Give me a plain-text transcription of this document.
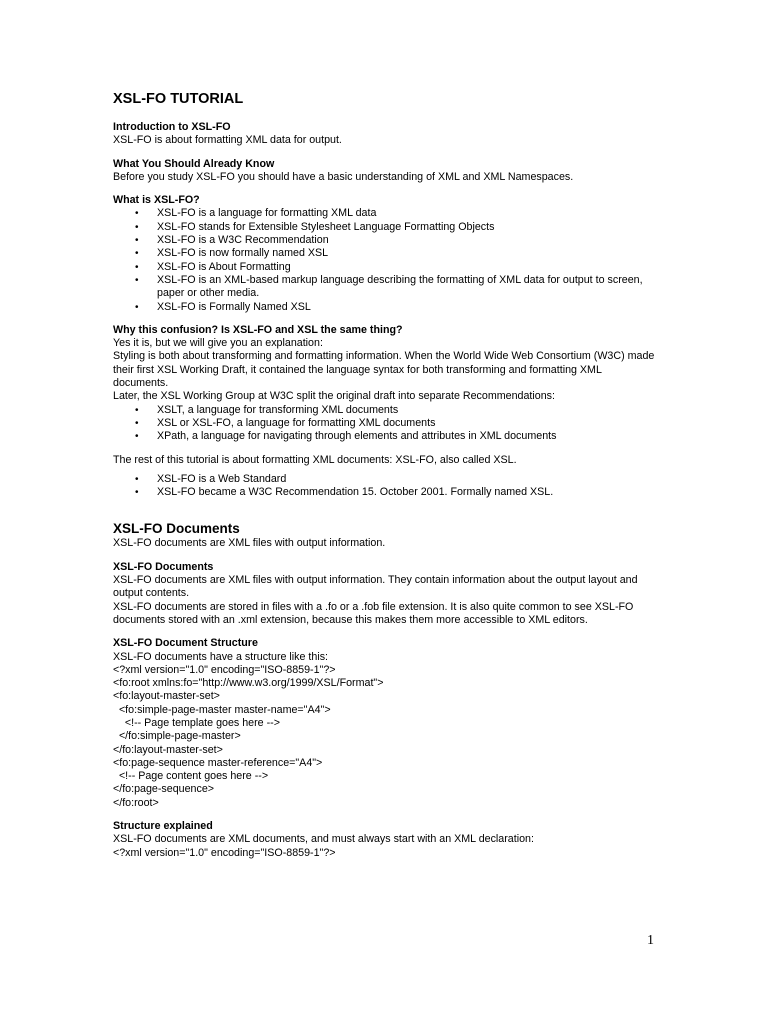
XSL-FO TUTORIAL
Introduction to XSL-FO

XSL-FO is about formatting XML data for output.

What You Should Already Know

Before you study XSL-FO you should have a basic understanding of XML and XML Namespaces.

What is XSL-FO?
• XSL-FO is a language for formatting XML data
• XSL-FO stands for Extensible Stylesheet Language Formatting Objects
• XSL-FO is a W3C Recommendation
• XSL-FO is now formally named XSL
• XSL-FO is About Formatting
• XSL-FO is an XML-based markup language describing the formatting of XML data for output to screen, paper or other media.
• XSL-FO is Formally Named XSL
Why this confusion? Is XSL-FO and XSL the same thing?

Yes it is, but we will give you an explanation:

Styling is both about transforming and formatting information. When the World Wide Web Consortium (W3C) made their first XSL Working Draft, it contained the language syntax for both transforming and formatting XML documents.

Later, the XSL Working Group at W3C split the original draft into separate Recommendations:

• XSLT, a language for transforming XML documents
• XSL or XSL-FO, a language for formatting XML documents
• XPath, a language for navigating through elements and attributes in XML documents

The rest of this tutorial is about formatting XML documents: XSL-FO, also called XSL.

• XSL-FO is a Web Standard
• XSL-FO became a W3C Recommendation 15. October 2001. Formally named XSL.
XSL-FO Documents

XSL-FO documents are XML files with output information.

XSL-FO Documents

XSL-FO documents are XML files with output information. They contain information about the output layout and output contents.

XSL-FO documents are stored in files with a .fo or a .fob file extension. It is also quite common to see XSL-FO documents stored with an .xml extension, because this makes them more accessible to XML editors.

XSL-FO Document Structure

XSL-FO documents have a structure like this:

<?xml version="1.0" encoding="ISO-8859-1"?>

<fo:root xmlns:fo="http://www.w3.org/1999/XSL/Format">

<fo:layout-master-set>

<fo:simple-page-master master-name="A4">

<!-- Page template goes here -->

</fo:simple-page-master>

</fo:layout-master-set>

<fo:page-sequence master-reference="A4">

<!-- Page content goes here -->

</fo:page-sequence>

</fo:root>

Structure explained

XSL-FO documents are XML documents, and must always start with an XML declaration:

<?xml version="1.0" encoding="ISO-8859-1"?>

1
